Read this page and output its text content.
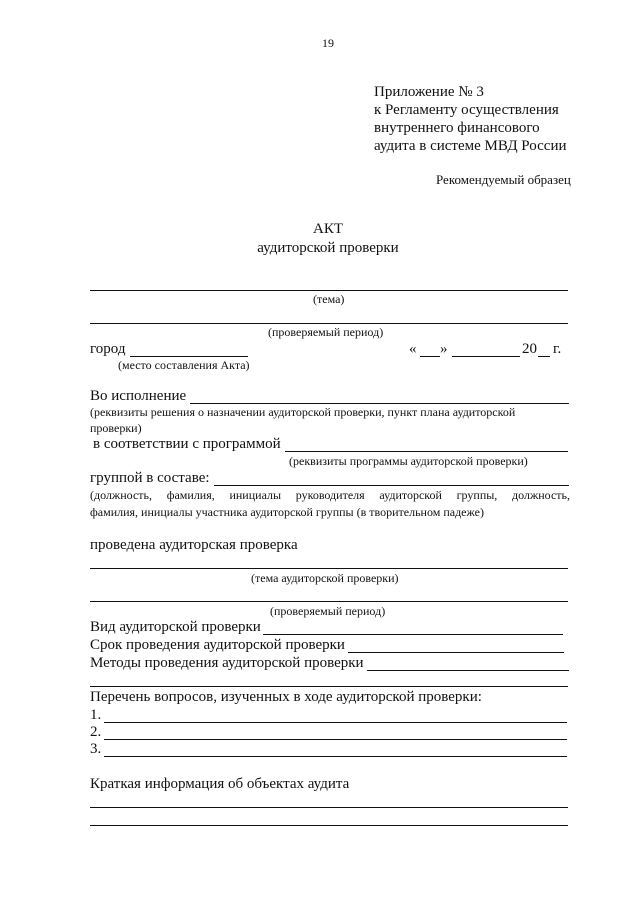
19
Приложение № 3
к Регламенту осуществления
внутреннего финансового
аудита в системе МВД России
Рекомендуемый образец
АКТ
аудиторской проверки
(тема)
(проверяемый период)
город
(место составления Акта)
« »	20 г.
Во исполнение
(реквизиты решения о назначении аудиторской проверки, пункт плана аудиторской
проверки)
в соответствии с программой
(реквизиты программы аудиторской проверки)
группой в составе:
(должность, фамилия, инициалы руководителя аудиторской группы, должность,
фамилия, инициалы участника аудиторской группы (в творительном падеже)
проведена аудиторская проверка
(тема аудиторской проверки)
(проверяемый период)
Вид аудиторской проверки
Срок проведения аудиторской проверки
Методы проведения аудиторской проверки
Перечень вопросов, изученных в ходе аудиторской проверки:
1.
2.
3.
Краткая информация об объектах аудита
